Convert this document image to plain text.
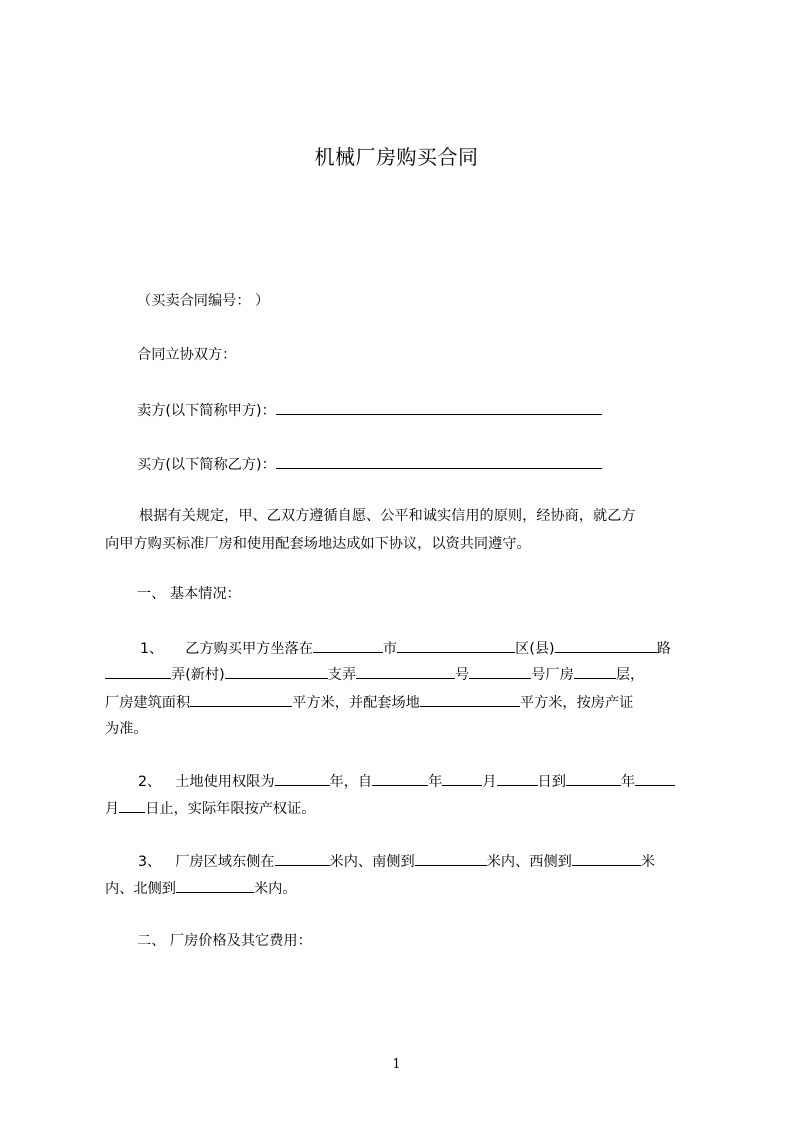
机械厂房购买合同
（买卖合同编号： ）
合同立协双方：
卖方(以下简称甲方)：
买方(以下简称乙方)：
根据有关规定，甲、乙双方遵循自愿、公平和诚实信用的原则，经协商，就乙方
向甲方购买标准厂房和使用配套场地达成如下协议，以资共同遵守。
一、 基本情况：
1、 乙方购买甲方坐落在	市	区(县)	路
弄(新村)	支弄	号	号厂房	层，
厂房建筑面积	平方米，并配套场地	平方米，按房产证
为准。
2、 土地使用权限为	年，自	年	月	日到	年
月 日止，实际年限按产权证。
3、 厂房区域东侧在	米内、南侧到	米内、西侧到	米
内、北侧到	米内。
二、 厂房价格及其它费用：
1
